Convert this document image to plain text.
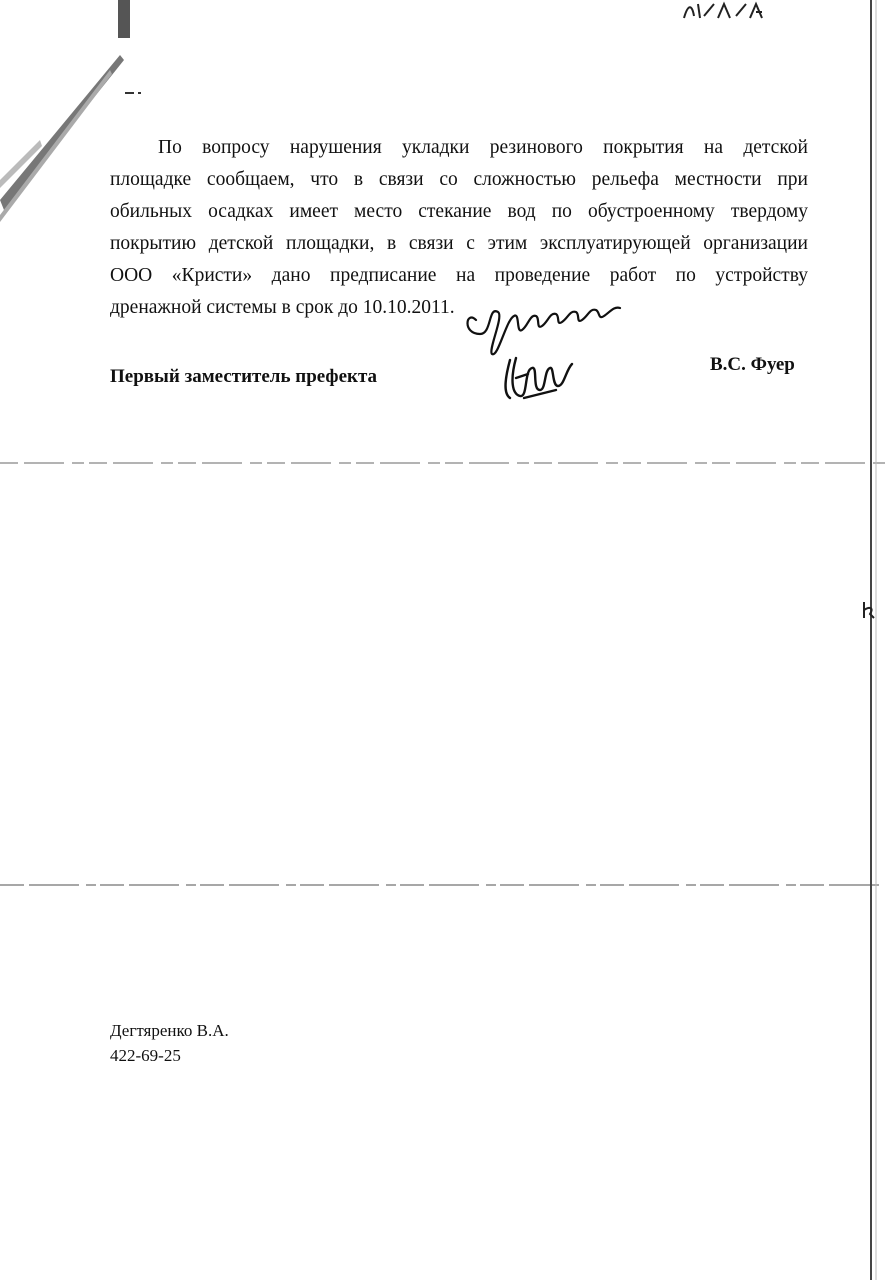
По вопросу нарушения укладки резинового покрытия на детской
площадке сообщаем, что в связи со сложностью рельефа местности при
обильных осадках имеет место стекание вод по обустроенному твердому
покрытию детской площадки, в связи с этим эксплуатирующей организации
ООО «Кристи» дано предписание на проведение работ по устройству
дренажной системы в срок до 10.10.2011.
Первый заместитель префекта
В.С. Фуер
Дегтяренко В.А.
422-69-25
